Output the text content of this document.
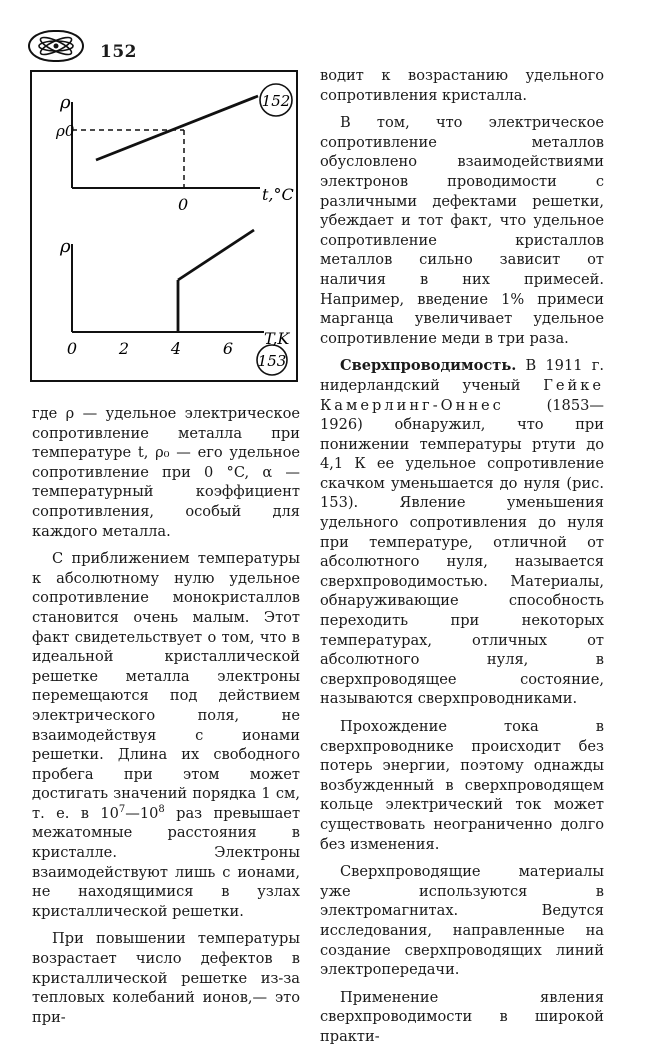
152
ρ
ρ0
0
t,°C
152
ρ
0	2	4	6
T,K
153

где ρ — удельное электрическое сопротивление металла при температуре t, ρ₀ — его удельное сопротивление при 0 °C, α — температурный коэффициент сопротивления, особый для каждого металла.

С приближением температуры к абсолютному нулю удельное сопротивление монокристаллов становится очень малым. Этот факт свидетельствует о том, что в идеальной кристаллической решетке металла электроны перемещаются под действием электрического поля, не взаимодействуя с ионами решетки. Длина их свободного пробега при этом может достигать значений порядка 1 см, т. е. в $10^7—10^8$ раз превышает межатомные расстояния в кристалле. Электроны взаимодействуют лишь с ионами, не находящимися в узлах кристаллической решетки.

При повышении температуры возрастает число дефектов в кристаллической решетке из-за тепловых колебаний ионов,— это при-

водит к возрастанию удельного сопротивления кристалла.

В том, что электрическое сопротивление металлов обусловлено взаимодействиями электронов проводимости с различными дефектами решетки, убеждает и тот факт, что удельное сопротивление кристаллов металлов сильно зависит от наличия в них примесей. Например, введение 1% примеси марганца увеличивает удельное сопротивление меди в три раза.

Сверхпроводимость. В 1911 г. нидерландский ученый Гейке Камерлинг-Оннес	(1853—1926) обнаружил, что при понижении температуры ртути до 4,1 К ее удельное сопротивление скачком уменьшается до нуля (рис. 153). Явление уменьшения удельного сопротивления до нуля при температуре, отличной от абсолютного нуля, называется сверхпроводимостью. Материалы, обнаруживающие способность переходить при некоторых температурах, отличных от абсолютного нуля, в сверхпроводящее состояние, называются сверхпроводниками.

Прохождение тока в сверхпроводнике происходит без потерь энергии, поэтому однажды возбужденный в сверхпроводящем кольце электрический ток может существовать неограниченно долго без изменения.

Сверхпроводящие материалы уже используются в электромагнитах. Ведутся исследования, направленные на создание сверхпроводящих линий электропередачи.

Применение явления сверхпроводимости в широкой практи-
